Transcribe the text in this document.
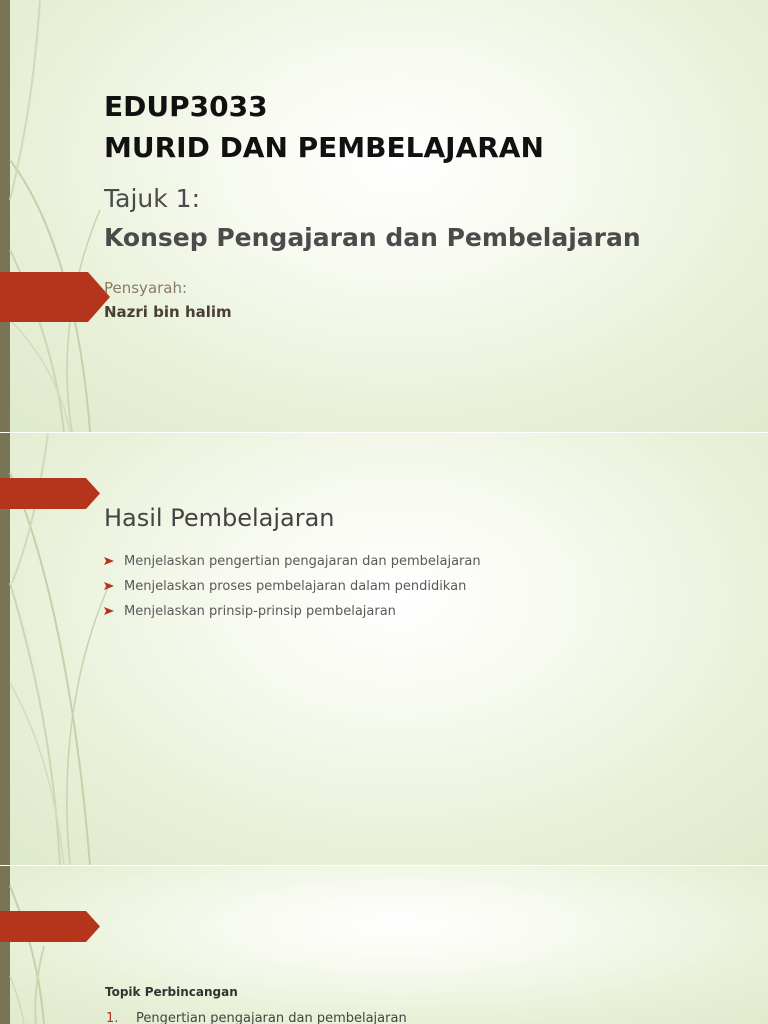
EDUP3033
MURID DAN PEMBELAJARAN
Tajuk 1:
Konsep Pengajaran dan Pembelajaran
Pensyarah:
Nazri bin halim
Hasil Pembelajaran
Menjelaskan pengertian pengajaran dan pembelajaran
Menjelaskan proses pembelajaran dalam pendidikan
Menjelaskan prinsip-prinsip pembelajaran
Topik Perbincangan
1. Pengertian pengajaran dan pembelajaran
